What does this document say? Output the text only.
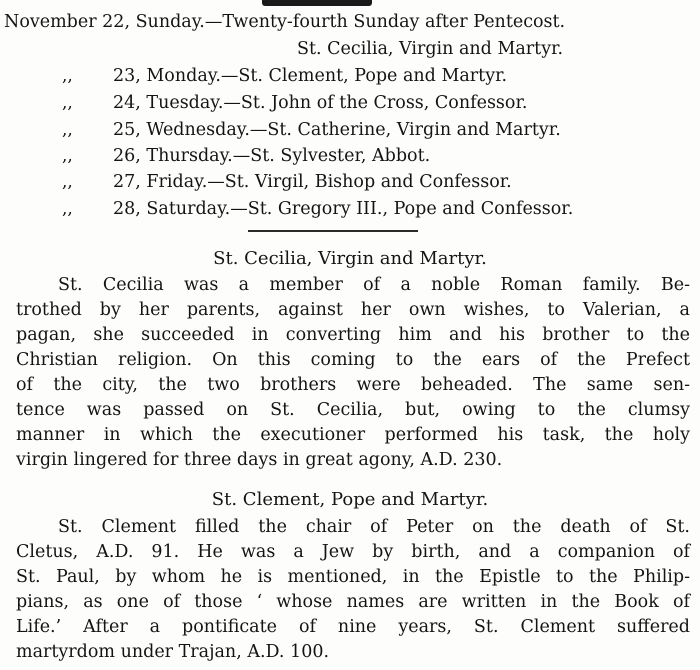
November 22, Sunday.—Twenty-fourth Sunday after Pentecost.
St. Cecilia, Virgin and Martyr.
,,	23, Monday.—St. Clement, Pope and Martyr.
,,	24, Tuesday.—St. John of the Cross, Confessor.
,,	25, Wednesday.—St. Catherine, Virgin and Martyr.
,,	26, Thursday.—St. Sylvester, Abbot.
,,	27, Friday.—St. Virgil, Bishop and Confessor.
,,	28, Saturday.—St. Gregory III., Pope and Confessor.
St. Cecilia, Virgin and Martyr.
St. Cecilia was a member of a noble Roman family. Be-
trothed by her parents, against her own wishes, to Valerian, a
pagan, she succeeded in converting him and his brother to the
Christian religion. On this coming to the ears of the Prefect
of the city, the two brothers were beheaded. The same sen-
tence was passed on St. Cecilia, but, owing to the clumsy
manner in which the executioner performed his task, the holy
virgin lingered for three days in great agony, A.D. 230.
St. Clement, Pope and Martyr.
St. Clement filled the chair of Peter on the death of St.
Cletus, A.D. 91. He was a Jew by birth, and a companion of
St. Paul, by whom he is mentioned, in the Epistle to the Philip-
pians, as one of those ‘ whose names are written in the Book of
Life.’ After a pontificate of nine years, St. Clement suffered
martyrdom under Trajan, A.D. 100.
